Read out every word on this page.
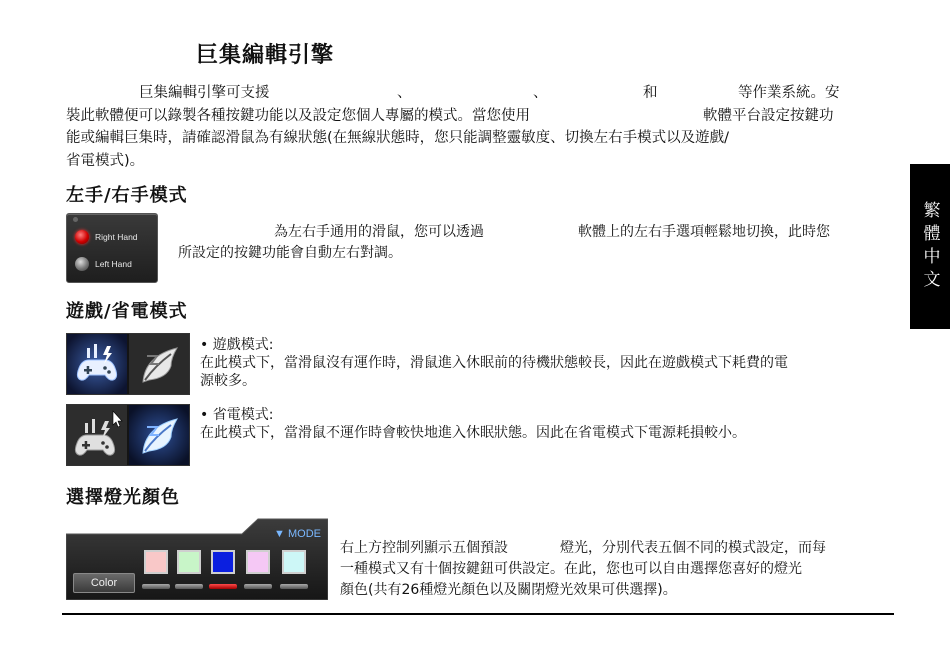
巨集編輯引擎
巨集編輯引擎可支援	、	、	和	等作業系統。安
裝此軟體便可以錄製各種按鍵功能以及設定您個人專屬的模式。當您使用	軟體平台設定按鍵功
能或編輯巨集時，請確認滑鼠為有線狀態(在無線狀態時，您只能調整靈敏度、切換左右手模式以及遊戲/
省電模式)。
左手/右手模式
Right Hand
Left Hand
為左右手通用的滑鼠，您可以透過	軟體上的左右手選項輕鬆地切換，此時您
所設定的按鍵功能會自動左右對調。
遊戲/省電模式
• 遊戲模式:
在此模式下，當滑鼠沒有運作時，滑鼠進入休眠前的待機狀態較長，因此在遊戲模式下耗費的電
源較多。
• 省電模式:
在此模式下，當滑鼠不運作時會較快地進入休眠狀態。因此在省電模式下電源耗損較小。
選擇燈光顏色
▼ MODE
Color
右上方控制列顯示五個預設	燈光，分別代表五個不同的模式設定，而每
一種模式又有十個按鍵鈕可供設定。在此，您也可以自由選擇您喜好的燈光
顏色(共有26種燈光顏色以及關閉燈光效果可供選擇)。
繁體中文
